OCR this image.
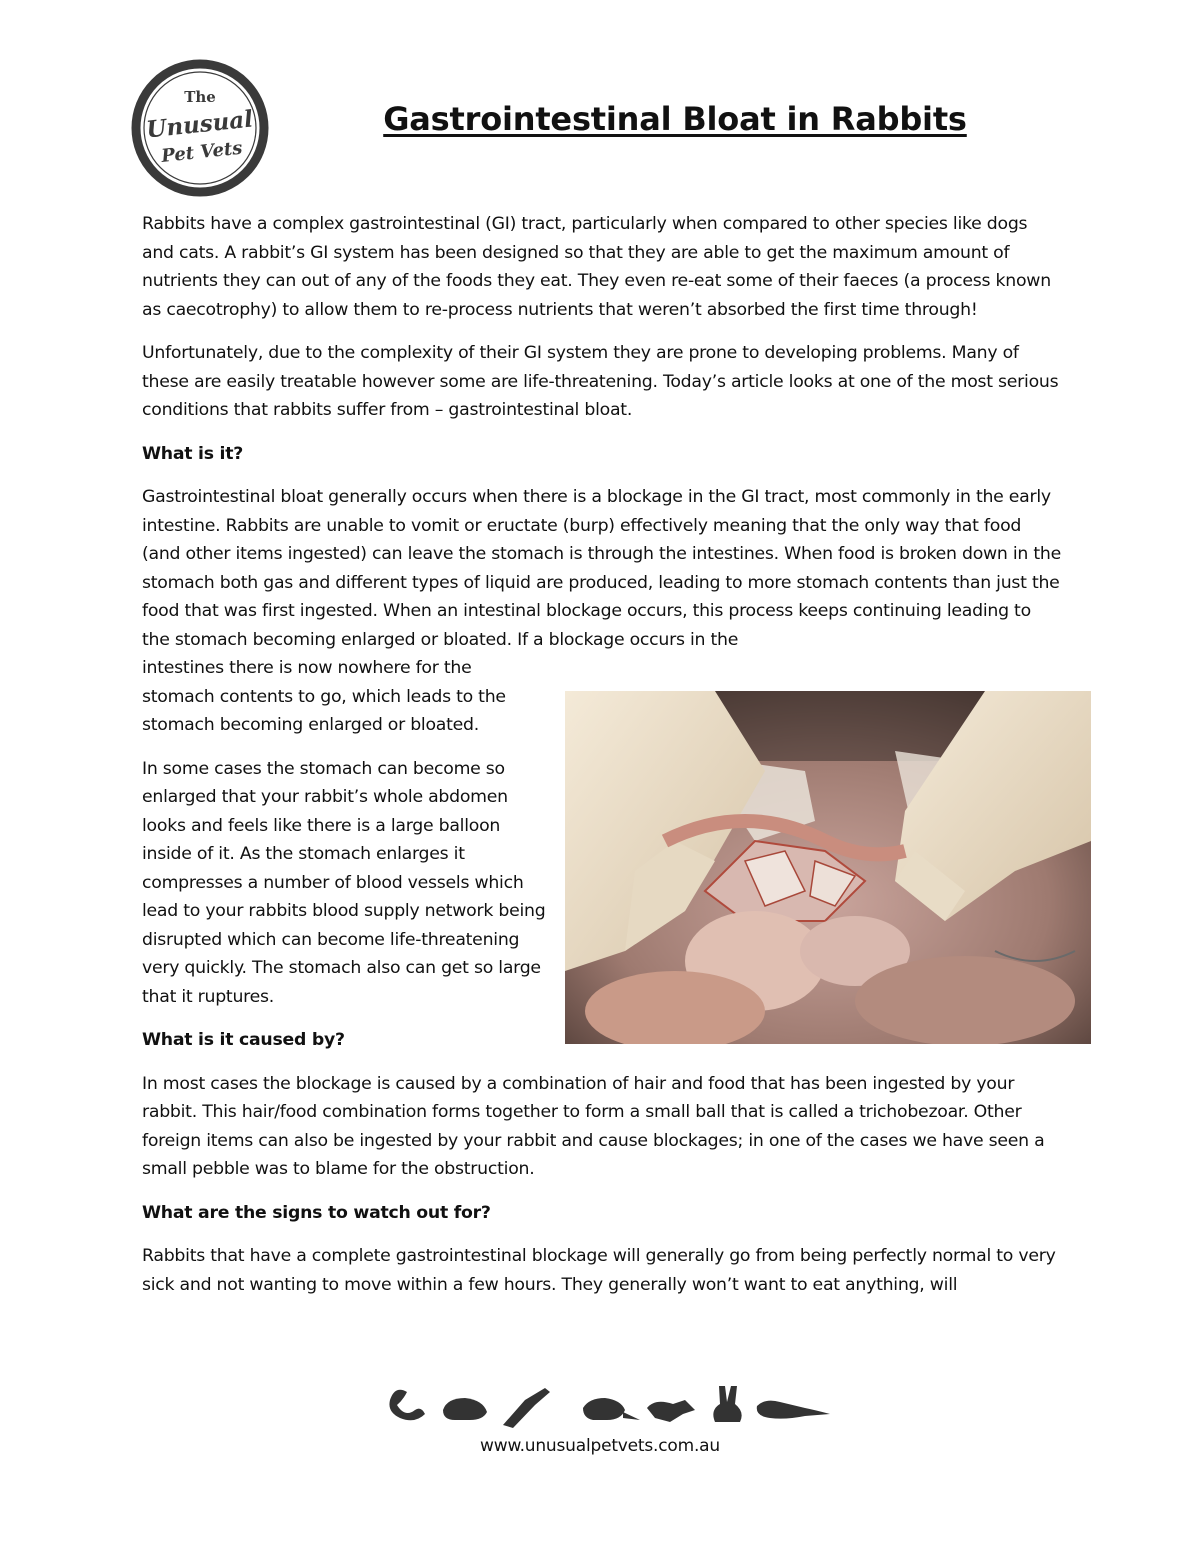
The
Unusual
Pet Vets
Gastrointestinal Bloat in Rabbits

Rabbits have a complex gastrointestinal (GI) tract, particularly when compared to other species like dogs and cats. A rabbit’s GI system has been designed so that they are able to get the maximum amount of nutrients they can out of any of the foods they eat. They even re-eat some of their faeces (a process known as caecotrophy) to allow them to re-process nutrients that weren’t absorbed the first time through!

Unfortunately, due to the complexity of their GI system they are prone to developing problems. Many of these are easily treatable however some are life-threatening. Today’s article looks at one of the most serious conditions that rabbits suffer from – gastrointestinal bloat.

What is it?

Gastrointestinal bloat generally occurs when there is a blockage in the GI tract, most commonly in the early intestine. Rabbits are unable to vomit or eructate (burp) effectively meaning that the only way that food (and other items ingested) can leave the stomach is through the intestines. When food is broken down in the stomach both gas and different types of liquid are produced, leading to more stomach contents than just the food that was first ingested. When an intestinal blockage occurs, this process keeps continuing leading to the stomach becoming enlarged or bloated. If a blockage occurs in the

intestines there is now nowhere for the stomach contents to go, which leads to the stomach becoming enlarged or bloated.

In some cases the stomach can become so enlarged that your rabbit’s whole abdomen looks and feels like there is a large balloon inside of it. As the stomach enlarges it compresses a number of blood vessels which lead to your rabbits blood supply network being disrupted which can become life-threatening very quickly. The stomach also can get so large that it ruptures.

What is it caused by?

In most cases the blockage is caused by a combination of hair and food that has been ingested by your rabbit. This hair/food combination forms together to form a small ball that is called a trichobezoar. Other foreign items can also be ingested by your rabbit and cause blockages; in one of the cases we have seen a small pebble was to blame for the obstruction.

What are the signs to watch out for?

Rabbits that have a complete gastrointestinal blockage will generally go from being perfectly normal to very sick and not wanting to move within a few hours. They generally won’t want to eat anything, will

www.unusualpetvets.com.au
